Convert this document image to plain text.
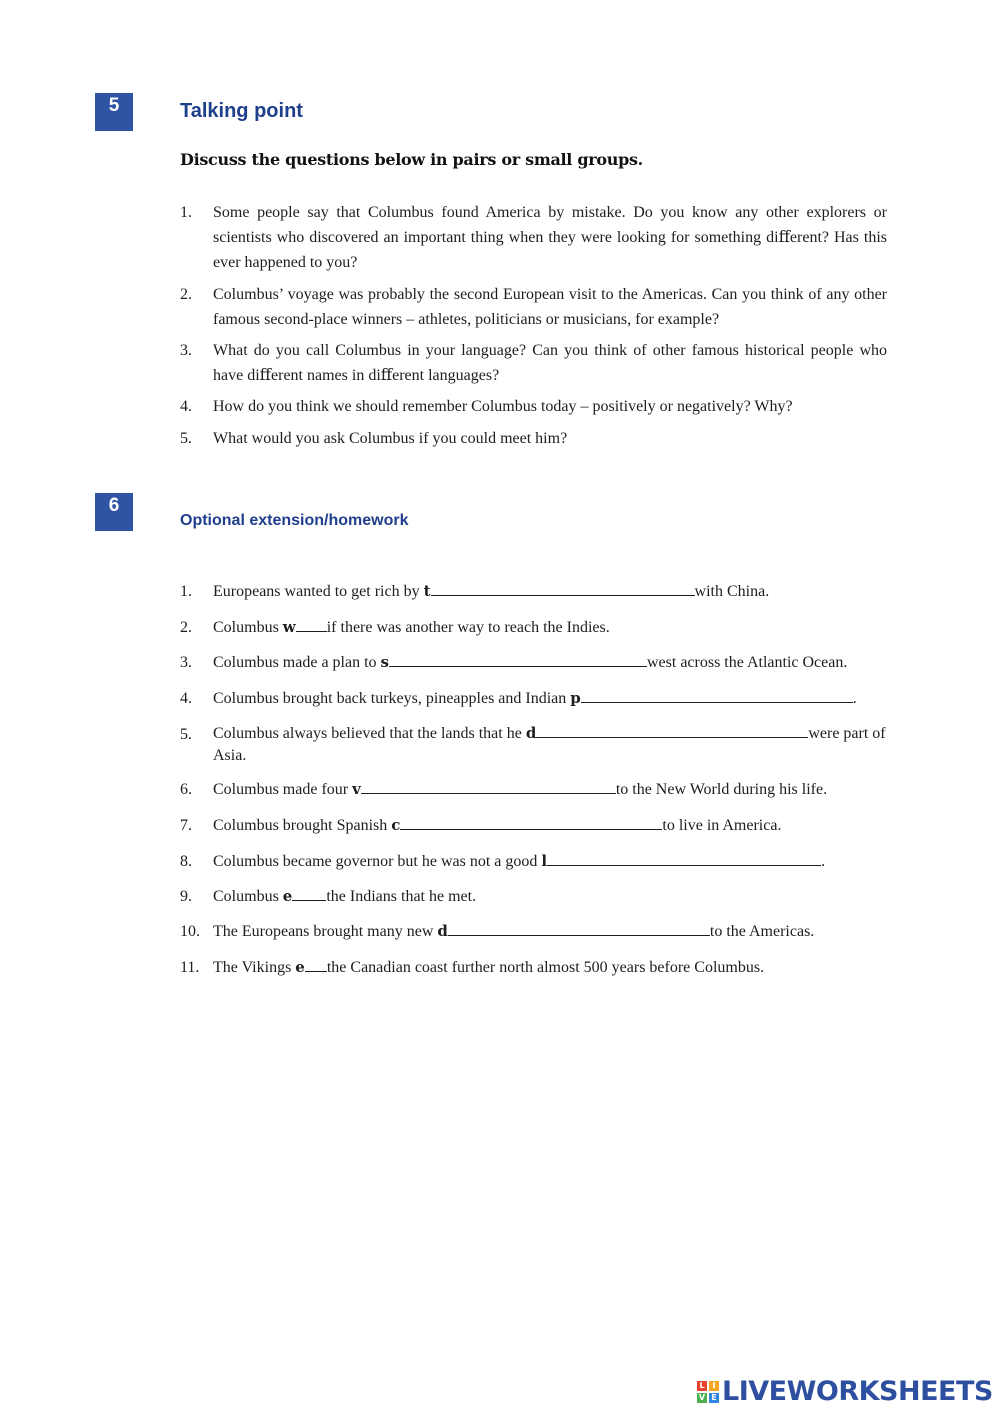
5	Talking point
Discuss the questions below in pairs or small groups.
1. Some people say that Columbus found America by mistake. Do you know any other explorers or scientists who discovered an important thing when they were looking for something diﬀerent? Has this ever happened to you?
2. Columbus’ voyage was probably the second European visit to the Americas. Can you think of any other famous second-place winners – athletes, politicians or musicians, for example?
3. What do you call Columbus in your language? Can you think of other famous historical people who have diﬀerent names in diﬀerent languages?
4. How do you think we should remember Columbus today – positively or negatively? Why?
5. What would you ask Columbus if you could meet him?
6
Optional extension/homework
1. Europeans wanted to get rich by t	with China.
2. Columbus w if there was another way to reach the Indies.
3. Columbus made a plan to s	west across the Atlantic Ocean.
4. Columbus brought back turkeys, pineapples and Indian p	.
5. Columbus always believed that the lands that he d	were part of Asia.
6. Columbus made four v	to the New World during his life.
7. Columbus brought Spanish c	to live in America.
8. Columbus became governor but he was not a good l	.
9. Columbus e the Indians that he met.
10. The Europeans brought many new d	to the Americas.
11. The Vikings e the Canadian coast further north almost 500 years before Columbus.
L I
V E LIVEWORKSHEETS
